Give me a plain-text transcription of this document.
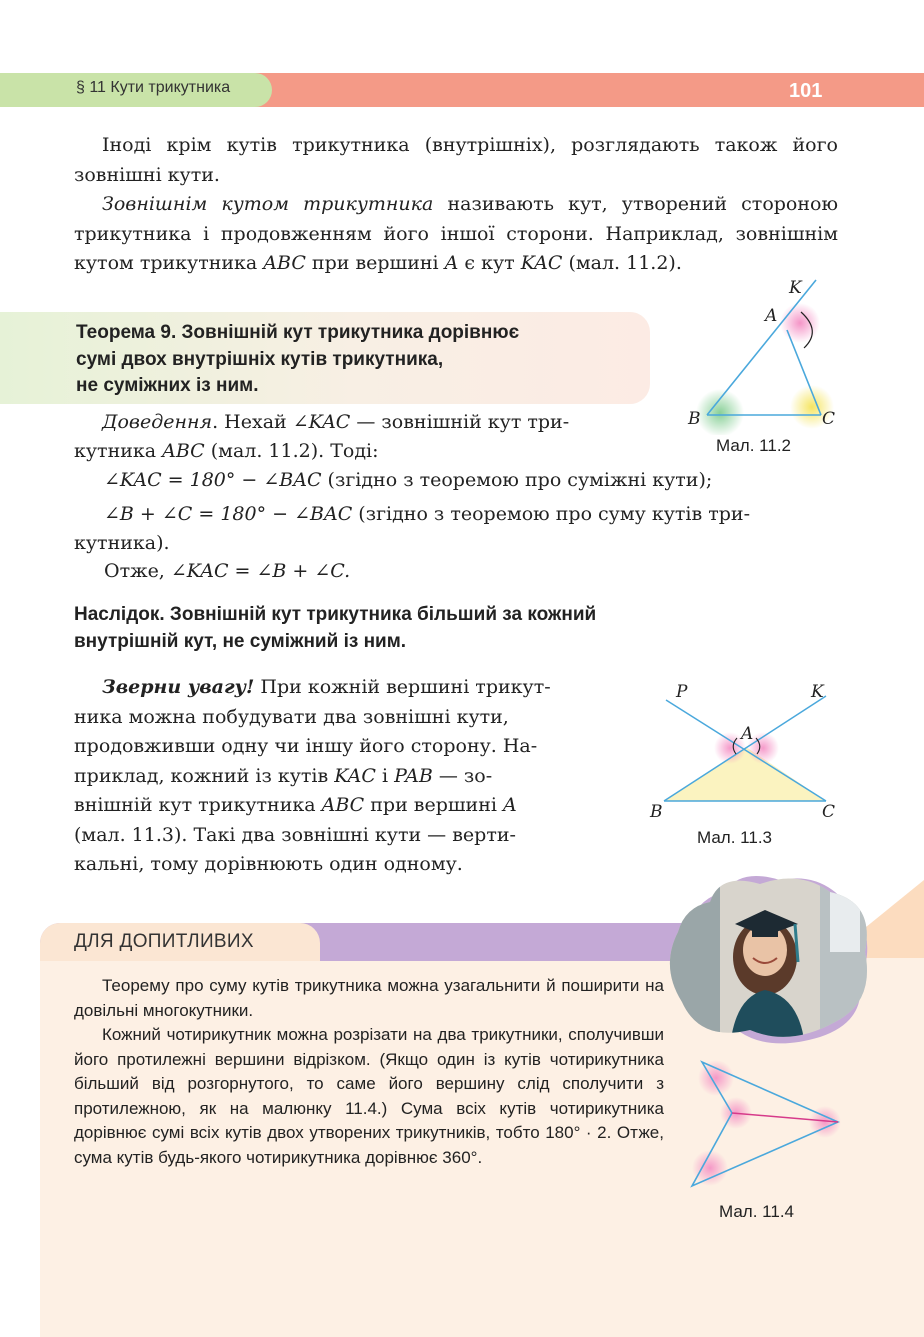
§ 11 Кути трикутника	101
Іноді крім кутів трикутника (внутрішніх), розглядають також його зовнішні кути.
Зовнішнім кутом трикутника називають кут, утворений стороною трикутника і продовженням його іншої сторони. Наприклад, зовнішнім кутом трикутника ABC при вершині A є кут KAC (мал. 11.2).
Теорема 9. Зовнішній кут трикутника дорівнює
сумі двох внутрішніх кутів трикутника,
не суміжних із ним.
K
A
B	C
Мал. 11.2
Доведення. Нехай ∠KAC — зовнішній кут три-
кутника ABC (мал. 11.2). Тоді:
∠KAC = 180° − ∠BAC (згідно з теоремою про суміжні кути);
∠B + ∠C = 180° − ∠BAC (згідно з теоремою про суму кутів три-
кутника).
Отже, ∠KAC = ∠B + ∠C.
Наслідок. Зовнішній кут трикутника більший за кожний
внутрішній кут, не суміжний із ним.
Зверни увагу! При кожній вершині трикут-
ника можна побудувати два зовнішні кути,
продовживши одну чи іншу його сторону. На-
приклад, кожний із кутів KAC і PAB — зо-
внішній кут трикутника ABC при вершині A
(мал. 11.3). Такі два зовнішні кути — верти-
кальні, тому дорівнюють один одному.
P	K
A
B	C
Мал. 11.3
ДЛЯ ДОПИТЛИВИХ

Теорему про суму кутів трикутника можна узагальнити й поширити на довільні многокутники.

Кожний чотирикутник можна розрізати на два трикутники, сполучивши його протилежні вершини відрізком. (Якщо один із кутів чотирикутника більший від розгорнутого, то саме його вершину слід сполучити з протилежною, як на малюнку 11.4.) Сума всіх кутів чотирикутника дорівнює сумі всіх кутів двох утворених трикутників, тобто 180° · 2. Отже, сума кутів будь-якого чотирикутника дорівнює 360°.

Мал. 11.4
